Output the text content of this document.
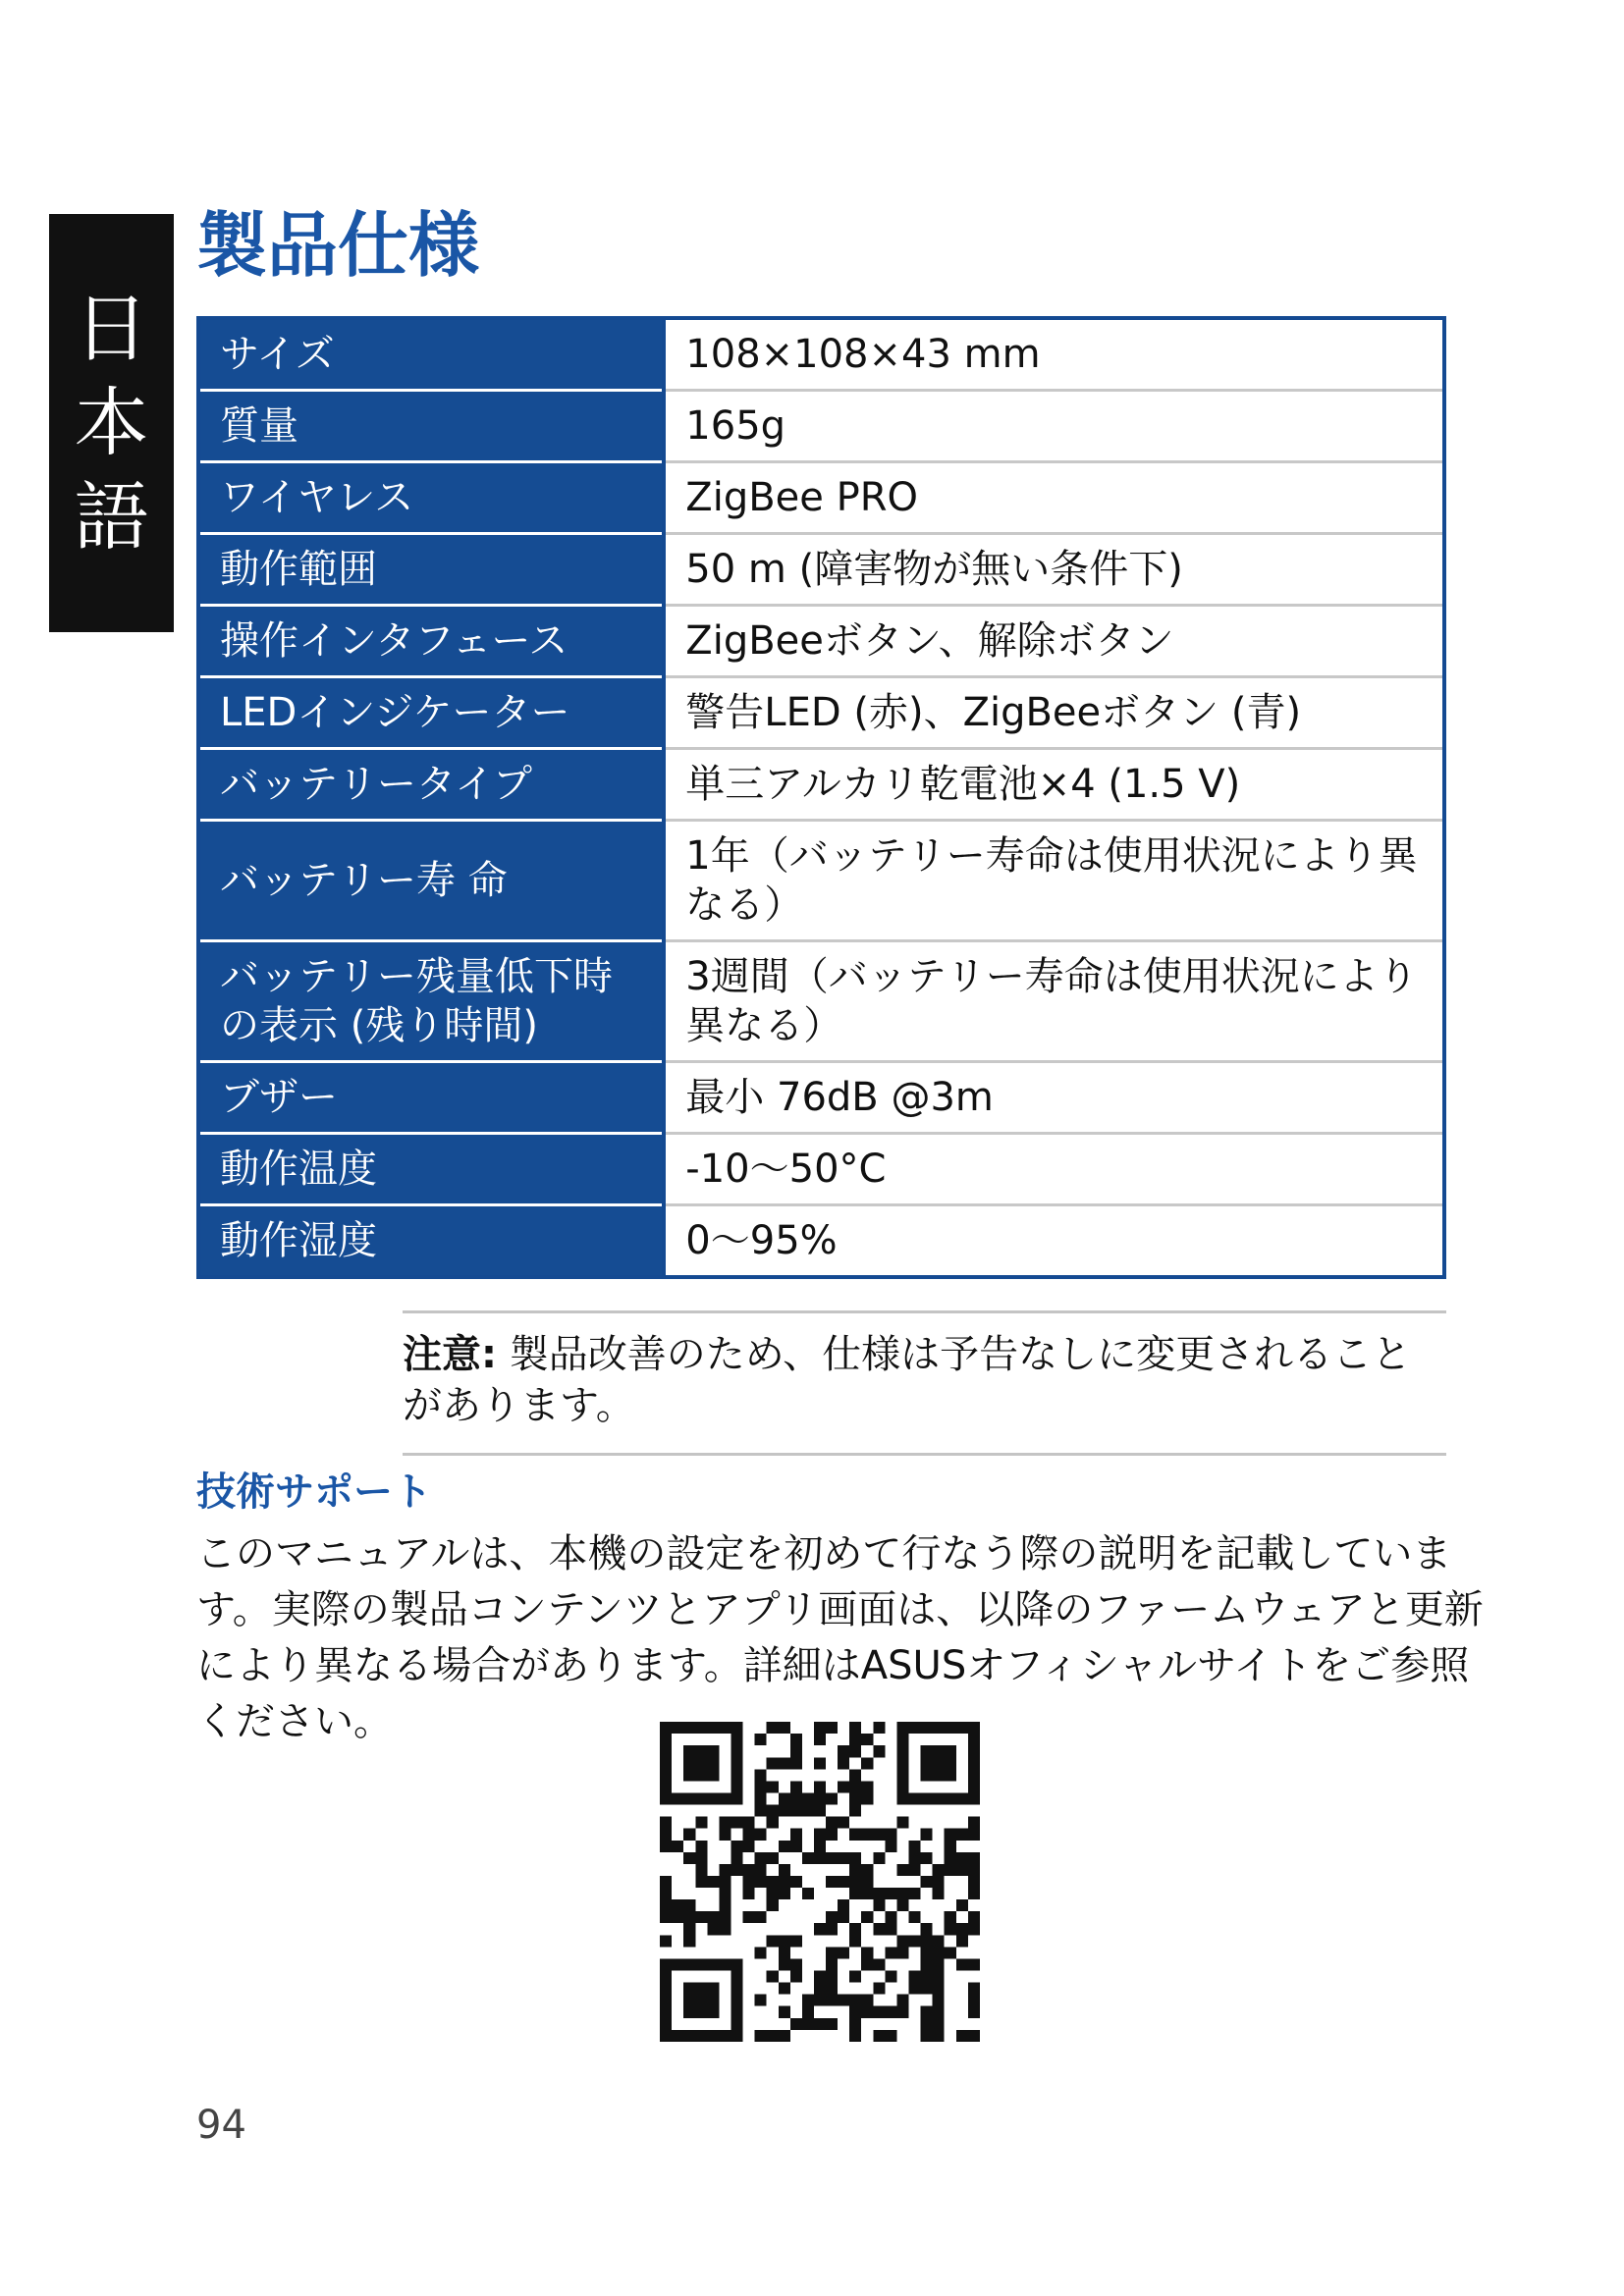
日
本
語
製品仕様
サイズ	108×108×43 mm
質量	165g
ワイヤレス	ZigBee PRO
動作範囲	50 m (障害物が無い条件下)
操作インタフェース	ZigBeeボタン、解除ボタン
LEDインジケーター	警告LED (赤)、ZigBeeボタン (青)
バッテリータイプ	単三アルカリ乾電池×4 (1.5 V)
バッテリー寿 命	1年（バッテリー寿命は使用状況により異なる）
バッテリー残量低下時の表示 (残り時間)	3週間（バッテリー寿命は使用状況により異なる）
ブザー	最小 76dB @3m
動作温度	-10～50°C
動作湿度	0～95%
注意: 製品改善のため、仕様は予告なしに変更されることがあります。
技術サポート

このマニュアルは、本機の設定を初めて行なう際の説明を記載しています。実際の製品コンテンツとアプリ画面は、以降のファームウェアと更新により異なる場合があります。詳細はASUSオフィシャルサイトをご参照ください。

94
